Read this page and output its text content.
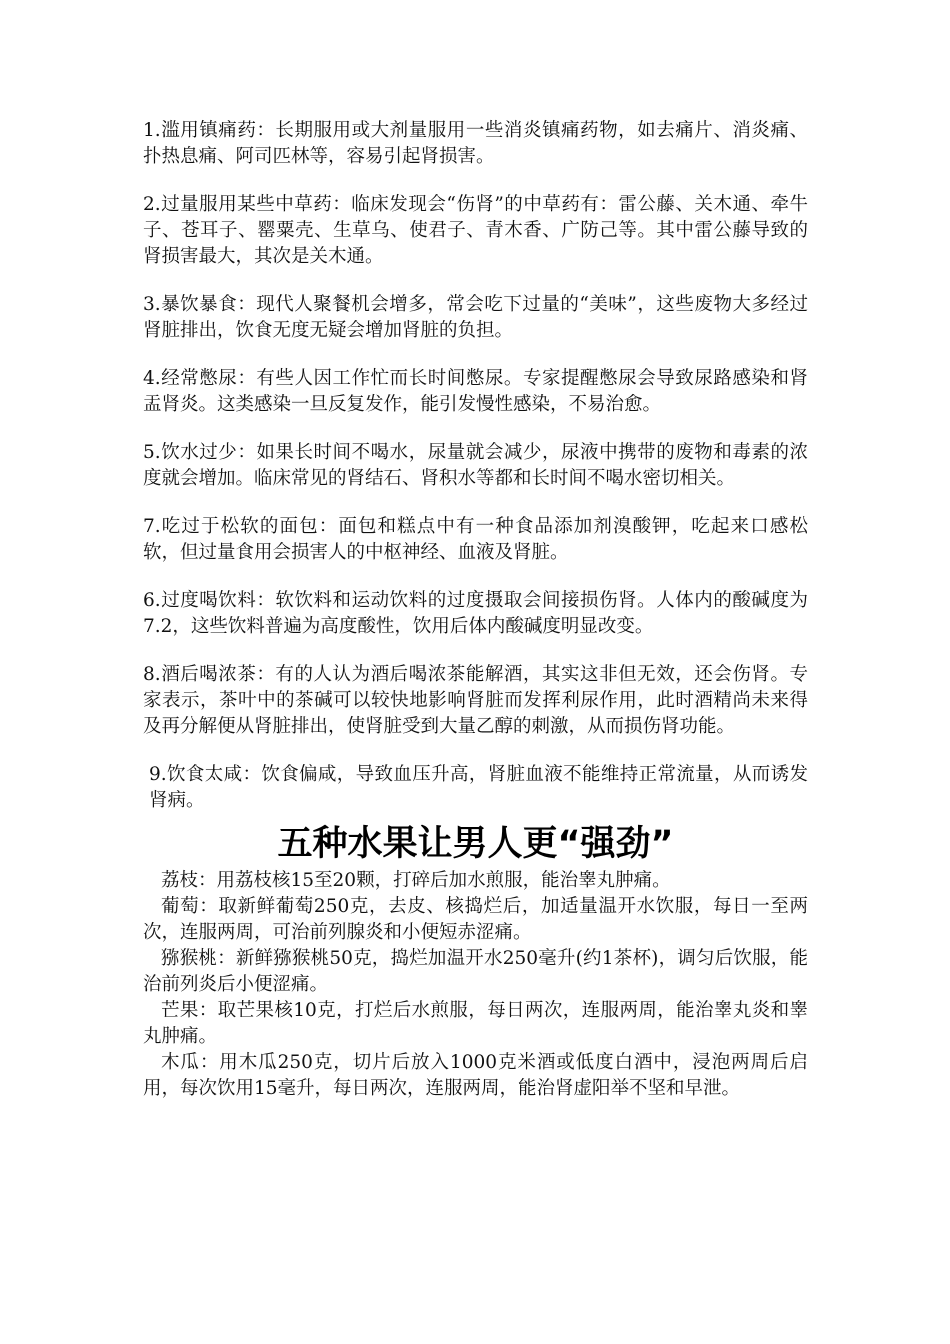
1.滥用镇痛药：长期服用或大剂量服用一些消炎镇痛药物，如去痛片、消炎痛、扑热息痛、阿司匹林等，容易引起肾损害。

2.过量服用某些中草药：临床发现会“伤肾”的中草药有：雷公藤、关木通、牵牛子、苍耳子、罂粟壳、生草乌、使君子、青木香、广防己等。其中雷公藤导致的肾损害最大，其次是关木通。

3.暴饮暴食：现代人聚餐机会增多，常会吃下过量的“美味”，这些废物大多经过肾脏排出，饮食无度无疑会增加肾脏的负担。

4.经常憋尿：有些人因工作忙而长时间憋尿。专家提醒憋尿会导致尿路感染和肾盂肾炎。这类感染一旦反复发作，能引发慢性感染，不易治愈。

5.饮水过少：如果长时间不喝水，尿量就会减少，尿液中携带的废物和毒素的浓度就会增加。临床常见的肾结石、肾积水等都和长时间不喝水密切相关。

7.吃过于松软的面包：面包和糕点中有一种食品添加剂溴酸钾，吃起来口感松软，但过量食用会损害人的中枢神经、血液及肾脏。

6.过度喝饮料：软饮料和运动饮料的过度摄取会间接损伤肾。人体内的酸碱度为7.2，这些饮料普遍为高度酸性，饮用后体内酸碱度明显改变。

8.酒后喝浓茶：有的人认为酒后喝浓茶能解酒，其实这非但无效，还会伤肾。专家表示，茶叶中的茶碱可以较快地影响肾脏而发挥利尿作用，此时酒精尚未来得及再分解便从肾脏排出，使肾脏受到大量乙醇的刺激，从而损伤肾功能。

9.饮食太咸：饮食偏咸，导致血压升高，肾脏血液不能维持正常流量，从而诱发肾病。

五种水果让男人更“强劲”

荔枝：用荔枝核15至20颗，打碎后加水煎服，能治睾丸肿痛。

葡萄：取新鲜葡萄250克，去皮、核捣烂后，加适量温开水饮服，每日一至两次，连服两周，可治前列腺炎和小便短赤涩痛。

猕猴桃：新鲜猕猴桃50克，捣烂加温开水250毫升(约1茶杯)，调匀后饮服，能治前列炎后小便涩痛。

芒果：取芒果核10克，打烂后水煎服，每日两次，连服两周，能治睾丸炎和睾丸肿痛。

木瓜：用木瓜250克，切片后放入1000克米酒或低度白酒中，浸泡两周后启用，每次饮用15毫升，每日两次，连服两周，能治肾虚阳举不坚和早泄。
